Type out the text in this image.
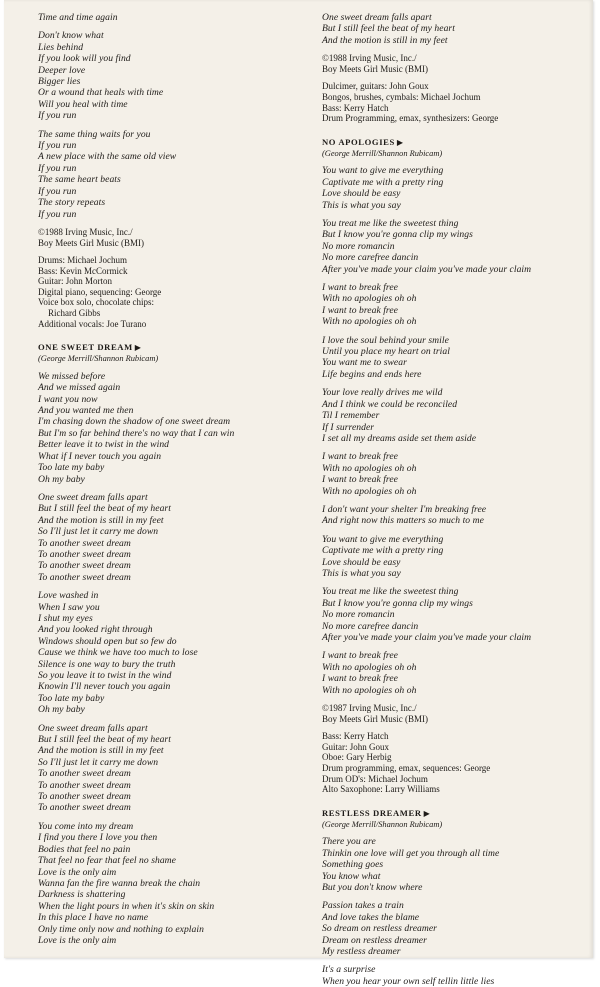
Time and time again
Don't know what
Lies behind
If you look will you find
Deeper love
Bigger lies
Or a wound that heals with time
Will you heal with time
If you run
The same thing waits for you
If you run
A new place with the same old view
If you run
The same heart beats
If you run
The story repeats
If you run
©1988 Irving Music, Inc./
Boy Meets Girl Music (BMI)
Drums: Michael Jochum
Bass: Kevin McCormick
Guitar: John Morton
Digital piano, sequencing: George
Voice box solo, chocolate chips:
Richard Gibbs
Additional vocals: Joe Turano
ONE SWEET DREAM ▶
(George Merrill/Shannon Rubicam)
We missed before
And we missed again
I want you now
And you wanted me then
I'm chasing down the shadow of one sweet dream
But I'm so far behind there's no way that I can win
Better leave it to twist in the wind
What if I never touch you again
Too late my baby
Oh my baby
One sweet dream falls apart
But I still feel the beat of my heart
And the motion is still in my feet
So I'll just let it carry me down
To another sweet dream
To another sweet dream
To another sweet dream
To another sweet dream
Love washed in
When I saw you
I shut my eyes
And you looked right through
Windows should open but so few do
Cause we think we have too much to lose
Silence is one way to bury the truth
So you leave it to twist in the wind
Knowin I'll never touch you again
Too late my baby
Oh my baby
One sweet dream falls apart
But I still feel the beat of my heart
And the motion is still in my feet
So I'll just let it carry me down
To another sweet dream
To another sweet dream
To another sweet dream
To another sweet dream
You come into my dream
I find you there I love you then
Bodies that feel no pain
That feel no fear that feel no shame
Love is the only aim
Wanna fan the fire wanna break the chain
Darkness is shattering
When the light pours in when it's skin on skin
In this place I have no name
Only time only now and nothing to explain
Love is the only aim
One sweet dream falls apart
But I still feel the beat of my heart
And the motion is still in my feet
©1988 Irving Music, Inc./
Boy Meets Girl Music (BMI)
Dulcimer, guitars: John Goux
Bongos, brushes, cymbals: Michael Jochum
Bass: Kerry Hatch
Drum Programming, emax, synthesizers: George
NO APOLOGIES ▶
(George Merrill/Shannon Rubicam)
You want to give me everything
Captivate me with a pretty ring
Love should be easy
This is what you say
You treat me like the sweetest thing
But I know you're gonna clip my wings
No more romancin
No more carefree dancin
After you've made your claim you've made your claim
I want to break free
With no apologies oh oh
I want to break free
With no apologies oh oh
I love the soul behind your smile
Until you place my heart on trial
You want me to swear
Life begins and ends here
Your love really drives me wild
And I think we could be reconciled
Til I remember
If I surrender
I set all my dreams aside set them aside
I want to break free
With no apologies oh oh
I want to break free
With no apologies oh oh
I don't want your shelter I'm breaking free
And right now this matters so much to me
You want to give me everything
Captivate me with a pretty ring
Love should be easy
This is what you say
You treat me like the sweetest thing
But I know you're gonna clip my wings
No more romancin
No more carefree dancin
After you've made your claim you've made your claim
I want to break free
With no apologies oh oh
I want to break free
With no apologies oh oh
©1987 Irving Music, Inc./
Boy Meets Girl Music (BMI)
Bass: Kerry Hatch
Guitar: John Goux
Oboe: Gary Herbig
Drum programming, emax, sequences: George
Drum OD's: Michael Jochum
Alto Saxophone: Larry Williams
RESTLESS DREAMER ▶
(George Merrill/Shannon Rubicam)
There you are
Thinkin one love will get you through all time
Something goes
You know what
But you don't know where
Passion takes a train
And love takes the blame
So dream on restless dreamer
Dream on restless dreamer
My restless dreamer
It's a surprise
When you hear your own self tellin little lies
